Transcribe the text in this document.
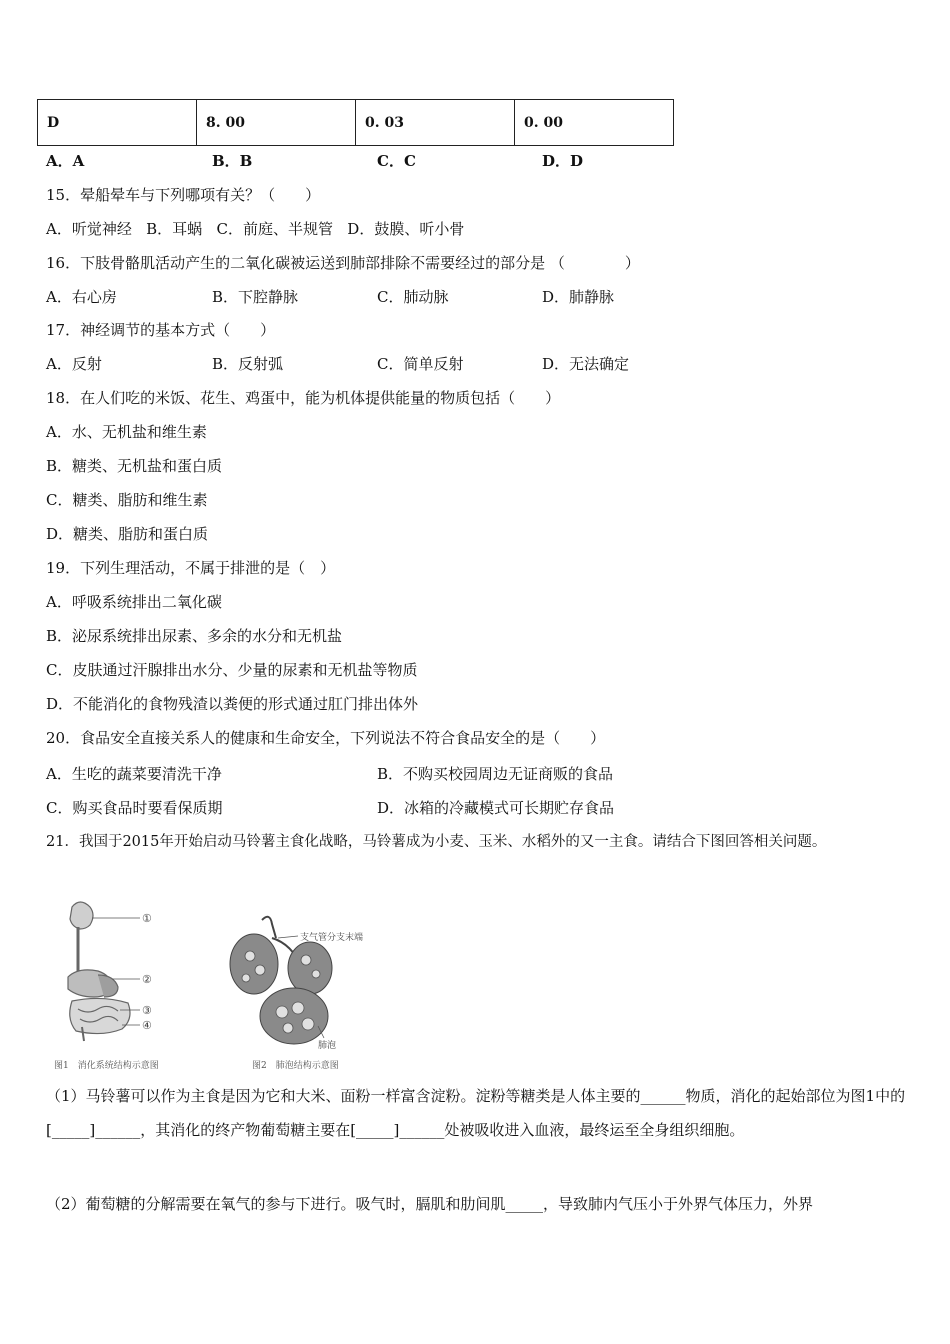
D	8. 00	0. 03	0. 00
A．A	B．B	C．C	D．D
15．晕船晕车与下列哪项有关？（　　）
A．听觉神经 B．耳蜗 C．前庭、半规管 D．鼓膜、听小骨
16．下肢骨骼肌活动产生的二氧化碳被运送到肺部排除不需要经过的部分是 （　　　　）
A．右心房	B．下腔静脉	C．肺动脉	D．肺静脉
17．神经调节的基本方式（　　）
A．反射	B．反射弧	C．简单反射	D．无法确定
18．在人们吃的米饭、花生、鸡蛋中，能为机体提供能量的物质包括（　　）
A．水、无机盐和维生素
B．糖类、无机盐和蛋白质
C．糖类、脂肪和维生素
D．糖类、脂肪和蛋白质
19．下列生理活动，不属于排泄的是（　）
A．呼吸系统排出二氧化碳
B．泌尿系统排出尿素、多余的水分和无机盐
C．皮肤通过汗腺排出水分、少量的尿素和无机盐等物质
D．不能消化的食物残渣以粪便的形式通过肛门排出体外
20．食品安全直接关系人的健康和生命安全，下列说法不符合食品安全的是（　　）
A．生吃的蔬菜要清洗干净	B．不购买校园周边无证商贩的食品
C．购买食品时要看保质期	D．冰箱的冷藏模式可长期贮存食品
21．我国于2015年开始启动马铃薯主食化战略，马铃薯成为小麦、玉米、水稻外的又一主食。请结合下图回答相关问题。
①
②
③
④
图1　消化系统结构示意图
支气管分支末端
肺泡
图2　肺泡结构示意图
（1）马铃薯可以作为主食是因为它和大米、面粉一样富含淀粉。淀粉等糖类是人体主要的______物质，消化的起始部位为图1中的[_____]______，其消化的终产物葡萄糖主要在[_____]______处被吸收进入血液，最终运至全身组织细胞。
（2）葡萄糖的分解需要在氧气的参与下进行。吸气时，膈肌和肋间肌_____，导致肺内气压小于外界气体压力，外界
